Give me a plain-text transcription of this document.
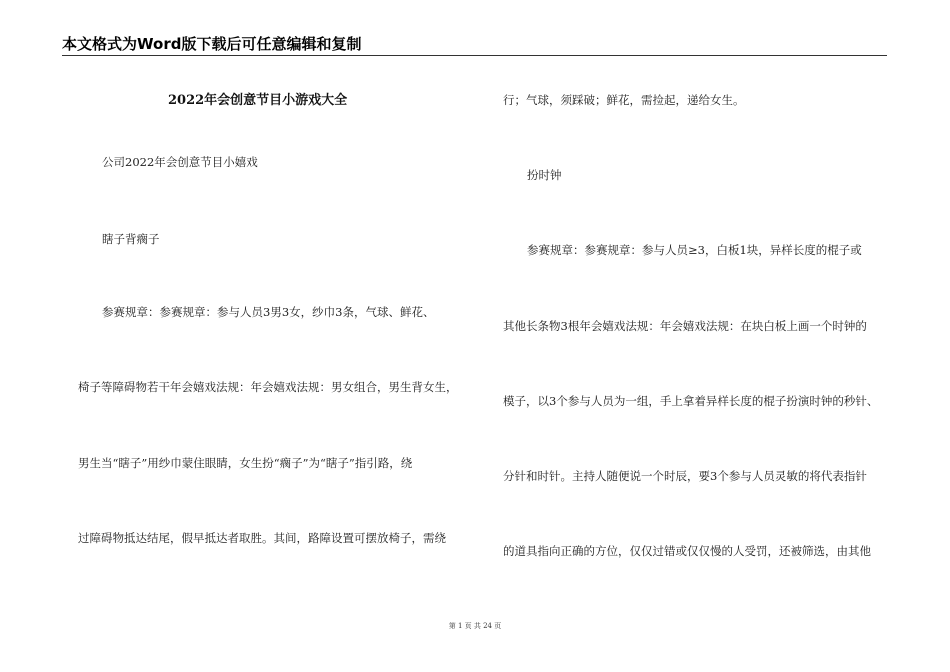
本文格式为Word版下载后可任意编辑和复制
2022年会创意节目小游戏大全
公司2022年会创意节目小嬉戏
瞎子背瘸子
参赛规章：参赛规章：参与人员3男3女，纱巾3条，气球、鲜花、
椅子等障碍物若干年会嬉戏法规：年会嬉戏法规：男女组合，男生背女生，
男生当“瞎子”用纱巾蒙住眼睛，女生扮“瘸子”为“瞎子”指引路，绕
过障碍物抵达结尾，假早抵达者取胜。其间，路障设置可摆放椅子，需绕
行；气球，须踩破；鲜花，需捡起，递给女生。
扮时钟
参赛规章：参赛规章：参与人员≥3，白板1块，异样长度的棍子或
其他长条物3根年会嬉戏法规：年会嬉戏法规：在块白板上画一个时钟的
模子，以3个参与人员为一组，手上拿着异样长度的棍子扮演时钟的秒针、
分针和时针。主持人随便说一个时辰，要3个参与人员灵敏的将代表指针
的道具指向正确的方位，仅仅过错或仅仅慢的人受罚，还被筛选，由其他
第 1 页 共 24 页
